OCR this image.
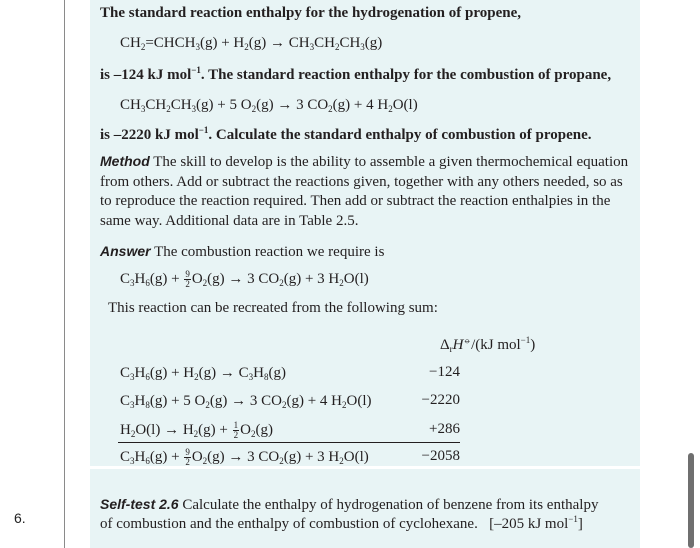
6.
The standard reaction enthalpy for the hydrogenation of propene,
$CH_2=CHCH_3(g) + H_2(g) \to CH_3CH_2CH_3(g)$
is –124 kJ mol$^{-1}$. The standard reaction enthalpy for the combustion of propane,
$CH_3CH_2CH_3(g) + 5$ $O_2(g) \to 3$ $CO_2(g) + 4$ $H_2O(l)$
is –2220 kJ mol$^{-1}$. Calculate the standard enthalpy of combustion of propene.
Method The skill to develop is the ability to assemble a given thermochemical equation from others. Add or subtract the reactions given, together with any others needed, so as to reproduce the reaction required. Then add or subtract the reaction enthalpies in the same way. Additional data are in Table 2.5.
Answer The combustion reaction we require is
$C_3H_6(g) + \frac{9}{2} O_2(g) \to 3$ $CO_2(g) + 3$ $H_2O(l)$
This reaction can be recreated from the following sum:
$\Delta_rH^⦵/(kJ$ mol$^{-1}$)
$C_3H_6(g) + H_2(g) \to C_3H_8(g)$	−124
$C_3H_8(g) + 5$ $O_2(g) \to 3$ $CO_2(g) + 4$ $H_2O(l)$	−2220
$H_2O(l) \to H_2(g) + \frac{1}{2} O_2(g)$	+286
$C_3H_6(g) + \frac{9}{2} O_2(g) \to 3$ $CO_2(g) + 3$ $H_2O(l)$	−2058
Self-test 2.6 Calculate the enthalpy of hydrogenation of benzene from its enthalpy
of combustion and the enthalpy of combustion of cyclohexane. [–205 kJ mol$^{-1}$]
